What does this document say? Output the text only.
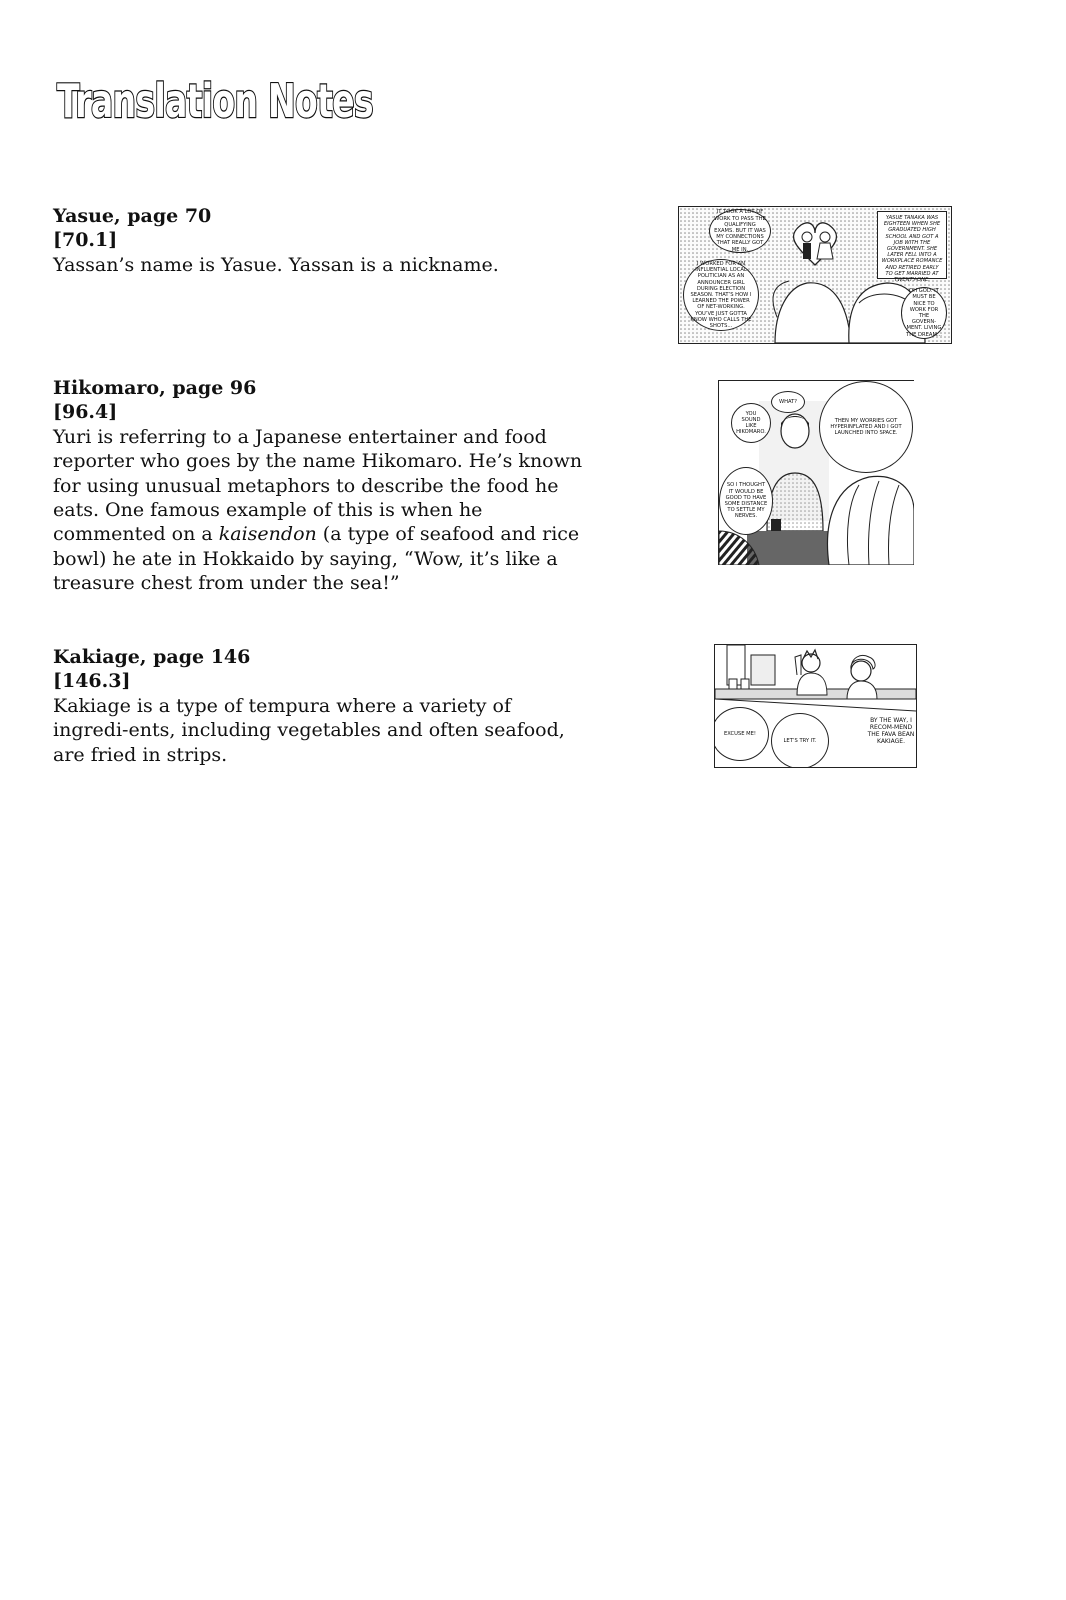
Translation Notes
Yasue, page 70
[70.1]

Yassan’s name is Yasue. Yassan is a nickname.

IT TOOK A LOT OF WORK TO PASS THE QUALIFYING EXAMS. BUT IT WAS MY CONNECTIONS THAT REALLY GOT ME IN.
I WORKED FOR AN INFLUENTIAL LOCAL POLITICIAN AS AN ANNOUNCER GIRL DURING ELECTION SEASON. THAT’S HOW I LEARNED THE POWER OF NET-WORKING. YOU’VE JUST GOTTA KNOW WHO CALLS THE SHOTS...
OH GOD. IT MUST BE NICE TO WORK FOR THE GOVERN-MENT. LIVING THE DREAM...
YASUE TANAKA WAS EIGHTEEN WHEN SHE GRADUATED HIGH SCHOOL AND GOT A JOB WITH THE GOVERNMENT. SHE LATER FELL INTO A WORKPLACE ROMANCE AND RETIRED EARLY TO GET MARRIED AT TWENTY-ONE.
Hikomaro, page 96
[96.4]

Yuri is referring to a Japanese entertainer and food reporter who goes by the name Hikomaro. He’s known for using unusual metaphors to describe the food he eats. One famous example of this is when he commented on a kaisendon (a type of seafood and rice bowl) he ate in Hokkaido by saying, “Wow, it’s like a treasure chest from under the sea!”

WHAT?
YOU SOUND LIKE HIKOMARO.
THEN MY WORRIES GOT HYPERINFLATED AND I GOT LAUNCHED INTO SPACE.
SO I THOUGHT IT WOULD BE GOOD TO HAVE SOME DISTANCE TO SETTLE MY NERVES.
Kakiage, page 146
[146.3]

Kakiage is a type of tempura where a variety of ingredi-ents, including vegetables and often seafood, are fried in strips.

EXCUSE ME!
LET’S TRY IT.
BY THE WAY, I RECOM-MEND THE FAVA BEAN KAKIAGE.
